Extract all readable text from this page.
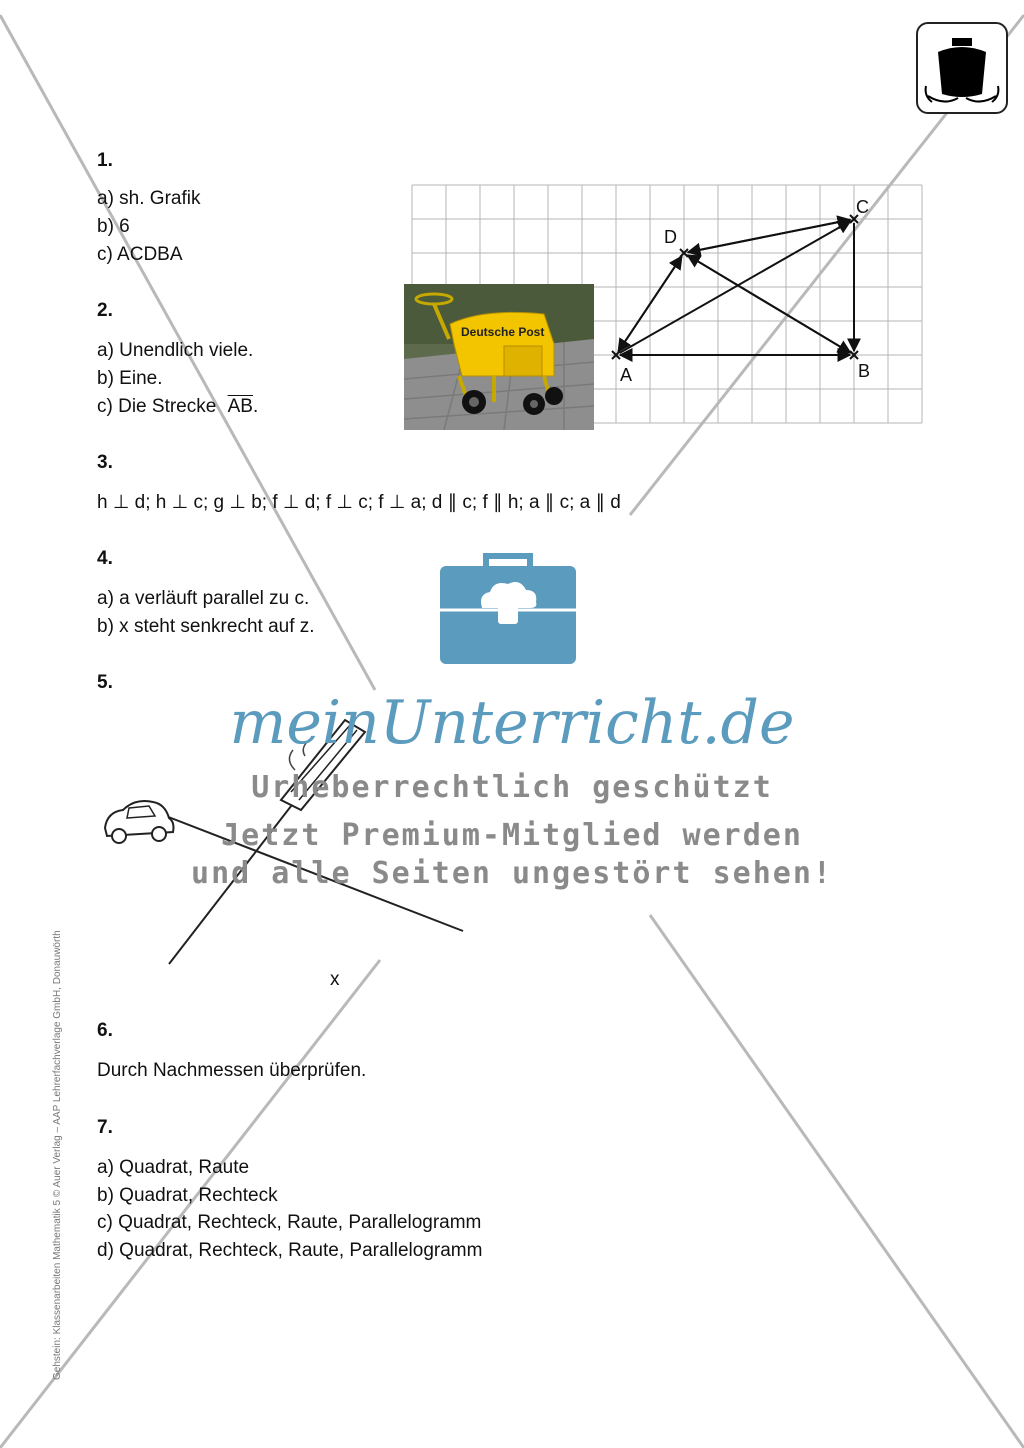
Gehstein: Klassenarbeiten Mathematik 5 © Auer Verlag – AAP Lehrerfachverlage GmbH, Donauwörth
1.
a) sh. Grafik
b) 6
c) ACDBA
A	B
C
D
2.
a) Unendlich viele.
b) Eine.
c) Die Strecke $\overline{AB}$.
Deutsche Post
3.
h ⊥ d; h ⊥ c; g ⊥ b; f ⊥ d; f ⊥ c; f ⊥ a; d ∥ c; f ∥ h; a ∥ c; a ∥ d
4.
a) a verläuft parallel zu c.
b) x steht senkrecht auf z.
5.
x
meinUnterricht.de
Urheberrechtlich geschützt
Jetzt Premium-Mitglied werden
und alle Seiten ungestört sehen!
6.
Durch Nachmessen überprüfen.
7.
a) Quadrat, Raute
b) Quadrat, Rechteck
c) Quadrat, Rechteck, Raute, Parallelogramm
d) Quadrat, Rechteck, Raute, Parallelogramm
